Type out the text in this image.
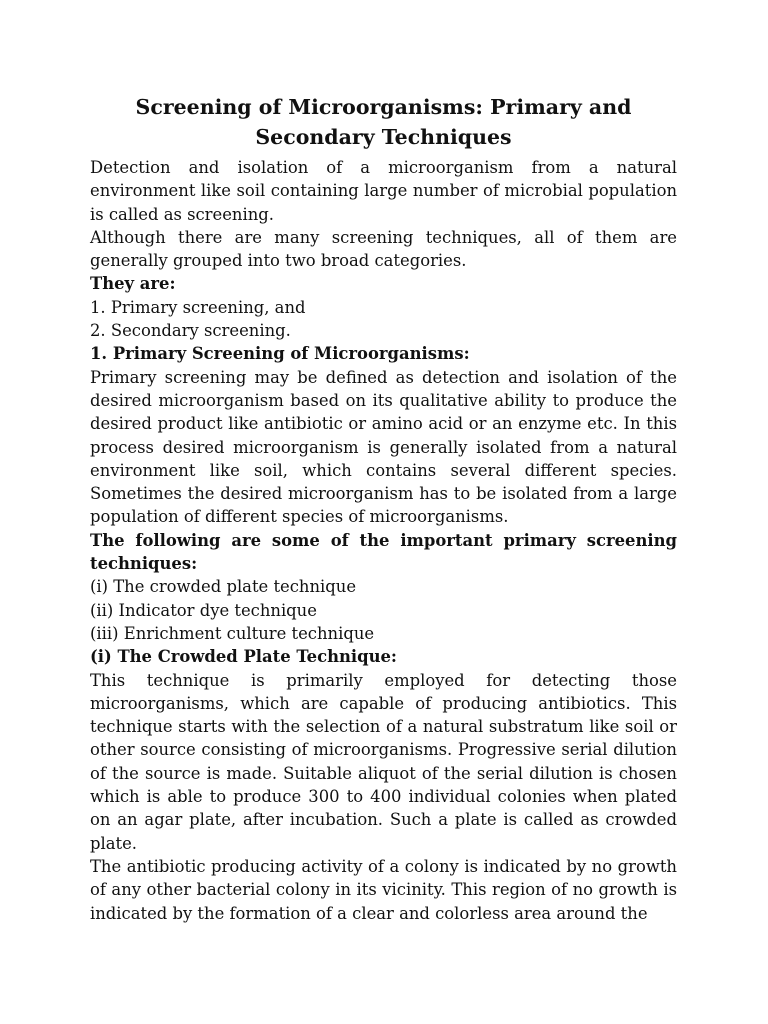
Screening of Microorganisms: Primary and
Secondary Techniques

Detection and isolation of a microorganism from a natural environment like soil containing large number of microbial population is called as screening.

Although there are many screening techniques, all of them are generally grouped into two broad categories.

They are:

1. Primary screening, and

2. Secondary screening.

1. Primary Screening of Microorganisms:

Primary screening may be defined as detection and isolation of the desired microorganism based on its qualitative ability to produce the desired product like antibiotic or amino acid or an enzyme etc. In this process desired microorganism is generally isolated from a natural environment like soil, which contains several different species. Sometimes the desired microorganism has to be isolated from a large population of different species of microorganisms.

The following are some of the important primary screening techniques:

(i) The crowded plate technique

(ii) Indicator dye technique

(iii) Enrichment culture technique

(i) The Crowded Plate Technique:

This technique is primarily employed for detecting those microorganisms, which are capable of producing antibiotics. This technique starts with the selection of a natural substratum like soil or other source consisting of microorganisms. Progressive serial dilution of the source is made. Suitable aliquot of the serial dilution is chosen which is able to produce 300 to 400 individual colonies when plated on an agar plate, after incubation. Such a plate is called as crowded plate.

The antibiotic producing activity of a colony is indicated by no growth of any other bacterial colony in its vicinity. This region of no growth is indicated by the formation of a clear and colorless area around the
